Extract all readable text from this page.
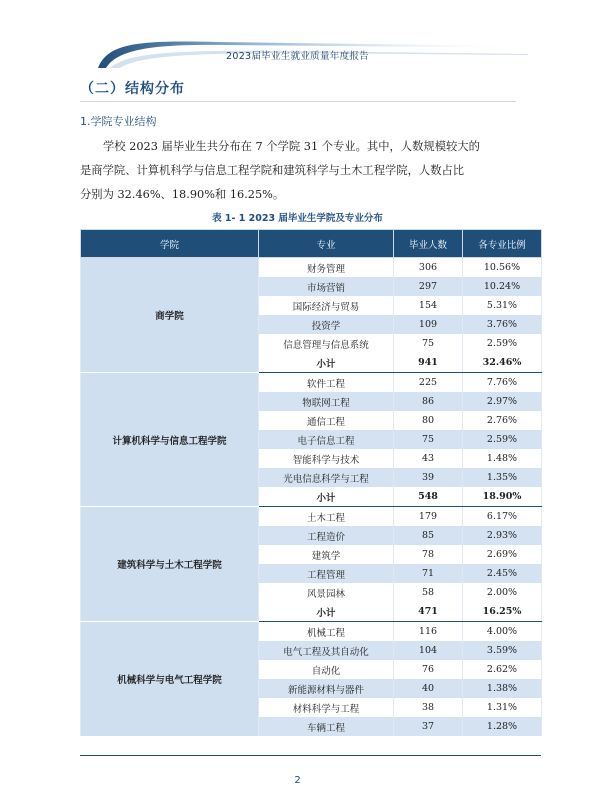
2023届毕业生就业质量年度报告
（二）结构分布
1.学院专业结构
学校 2023 届毕业生共分布在 7 个学院 31 个专业。其中，人数规模较大的
是商学院、计算机科学与信息工程学院和建筑科学与土木工程学院，人数占比
分别为 32.46%、18.90%和 16.25%。
表 1- 1 2023 届毕业生学院及专业分布
学院	专业	毕业人数	各专业比例
商学院	财务管理	306	10.56%
	市场营销	297	10.24%
	国际经济与贸易	154	5.31%
	投资学	109	3.76%
	信息管理与信息系统	75	2.59%
	小计	941	32.46%
计算机科学与信息工程学院	软件工程	225	7.76%
	物联网工程	86	2.97%
	通信工程	80	2.76%
	电子信息工程	75	2.59%
	智能科学与技术	43	1.48%
	光电信息科学与工程	39	1.35%
	小计	548	18.90%
建筑科学与土木工程学院	土木工程	179	6.17%
	工程造价	85	2.93%
	建筑学	78	2.69%
	工程管理	71	2.45%
	风景园林	58	2.00%
	小计	471	16.25%
机械科学与电气工程学院	机械工程	116	4.00%
	电气工程及其自动化	104	3.59%
	自动化	76	2.62%
	新能源材料与器件	40	1.38%
	材料科学与工程	38	1.31%
	车辆工程	37	1.28%
2
